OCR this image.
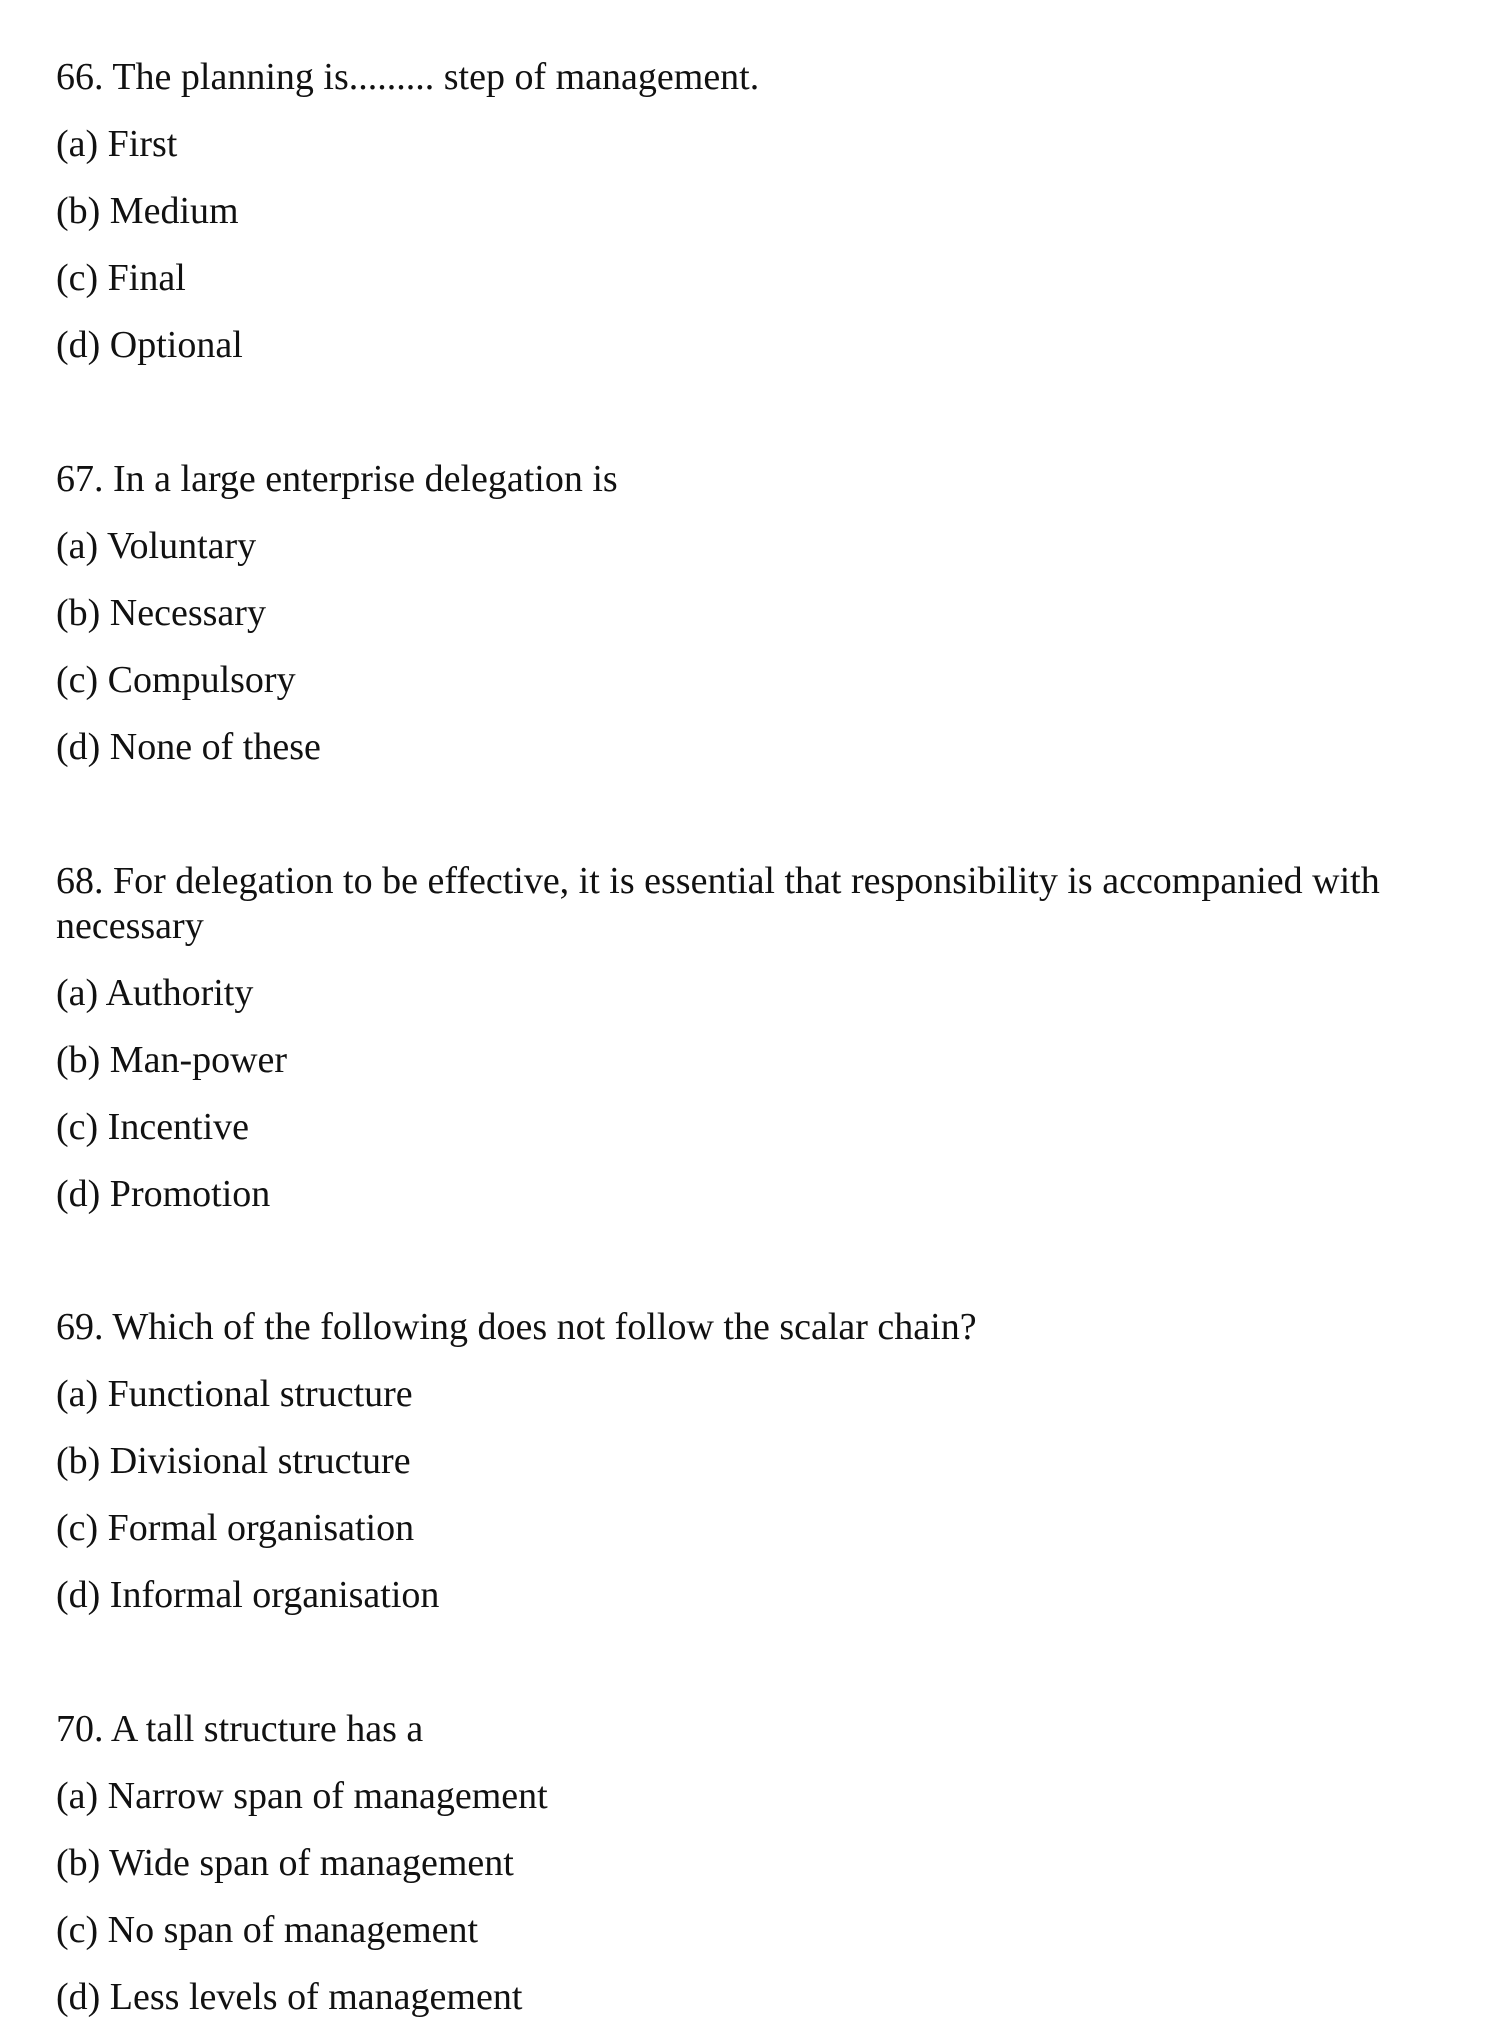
66. The planning is......... step of management.
(a) First
(b) Medium
(c) Final
(d) Optional
67. In a large enterprise delegation is
(a) Voluntary
(b) Necessary
(c) Compulsory
(d) None of these
68. For delegation to be effective, it is essential that responsibility is accompanied with necessary
(a) Authority
(b) Man-power
(c) Incentive
(d) Promotion
69. Which of the following does not follow the scalar chain?
(a) Functional structure
(b) Divisional structure
(c) Formal organisation
(d) Informal organisation
70. A tall structure has a
(a) Narrow span of management
(b) Wide span of management
(c) No span of management
(d) Less levels of management
